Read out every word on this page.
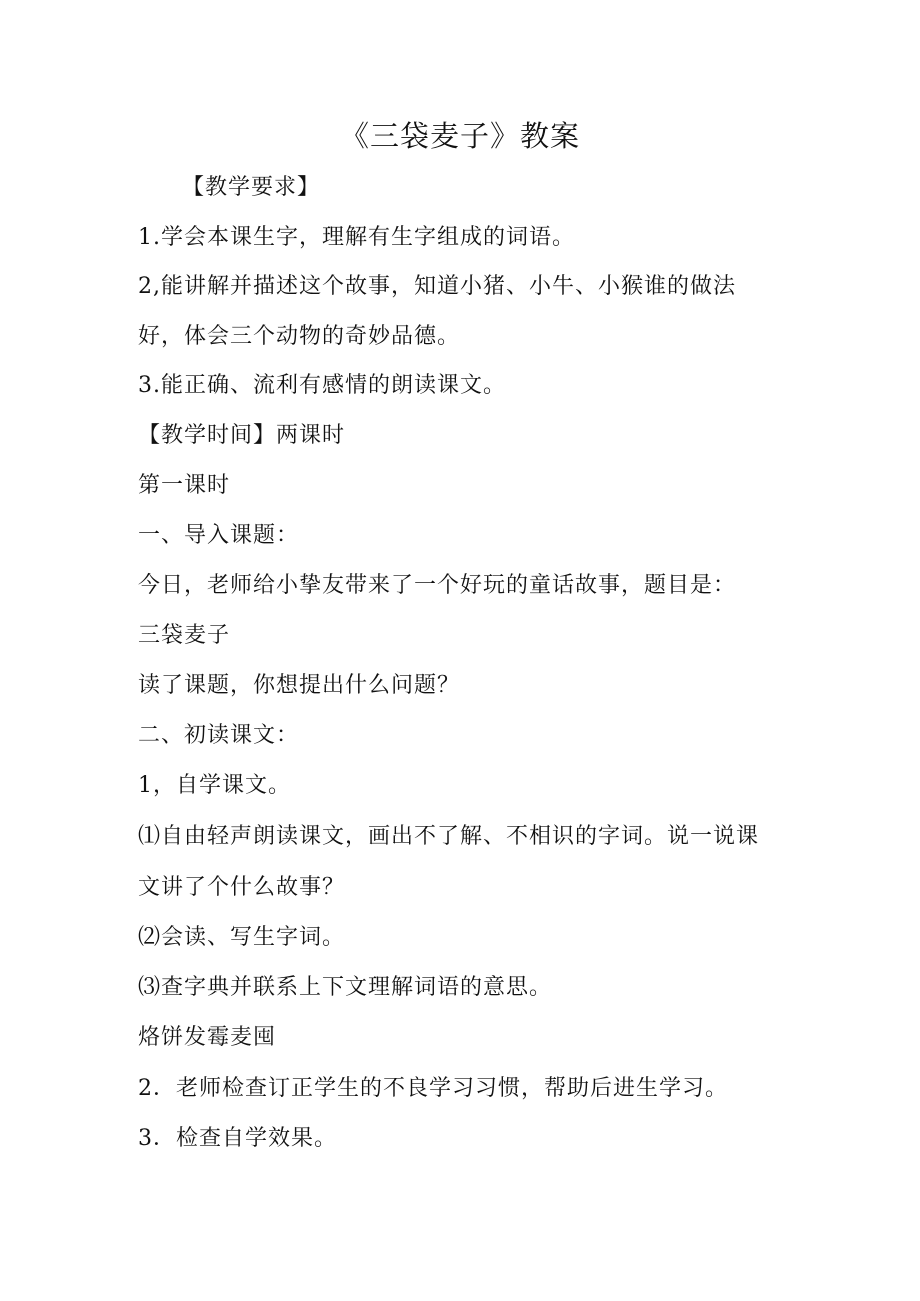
《三袋麦子》教案
【教学要求】
1.学会本课生字，理解有生字组成的词语。
2,能讲解并描述这个故事，知道小猪、小牛、小猴谁的做法
好，体会三个动物的奇妙品德。
3.能正确、流利有感情的朗读课文。
【教学时间】两课时
第一课时
一、导入课题：
今日，老师给小挚友带来了一个好玩的童话故事，题目是：
三袋麦子
读了课题，你想提出什么问题？
二、初读课文：
1，自学课文。
⑴自由轻声朗读课文，画出不了解、不相识的字词。说一说课
文讲了个什么故事？
⑵会读、写生字词。
⑶查字典并联系上下文理解词语的意思。
烙饼发霉麦囤
2．老师检查订正学生的不良学习习惯，帮助后进生学习。
3．检查自学效果。
